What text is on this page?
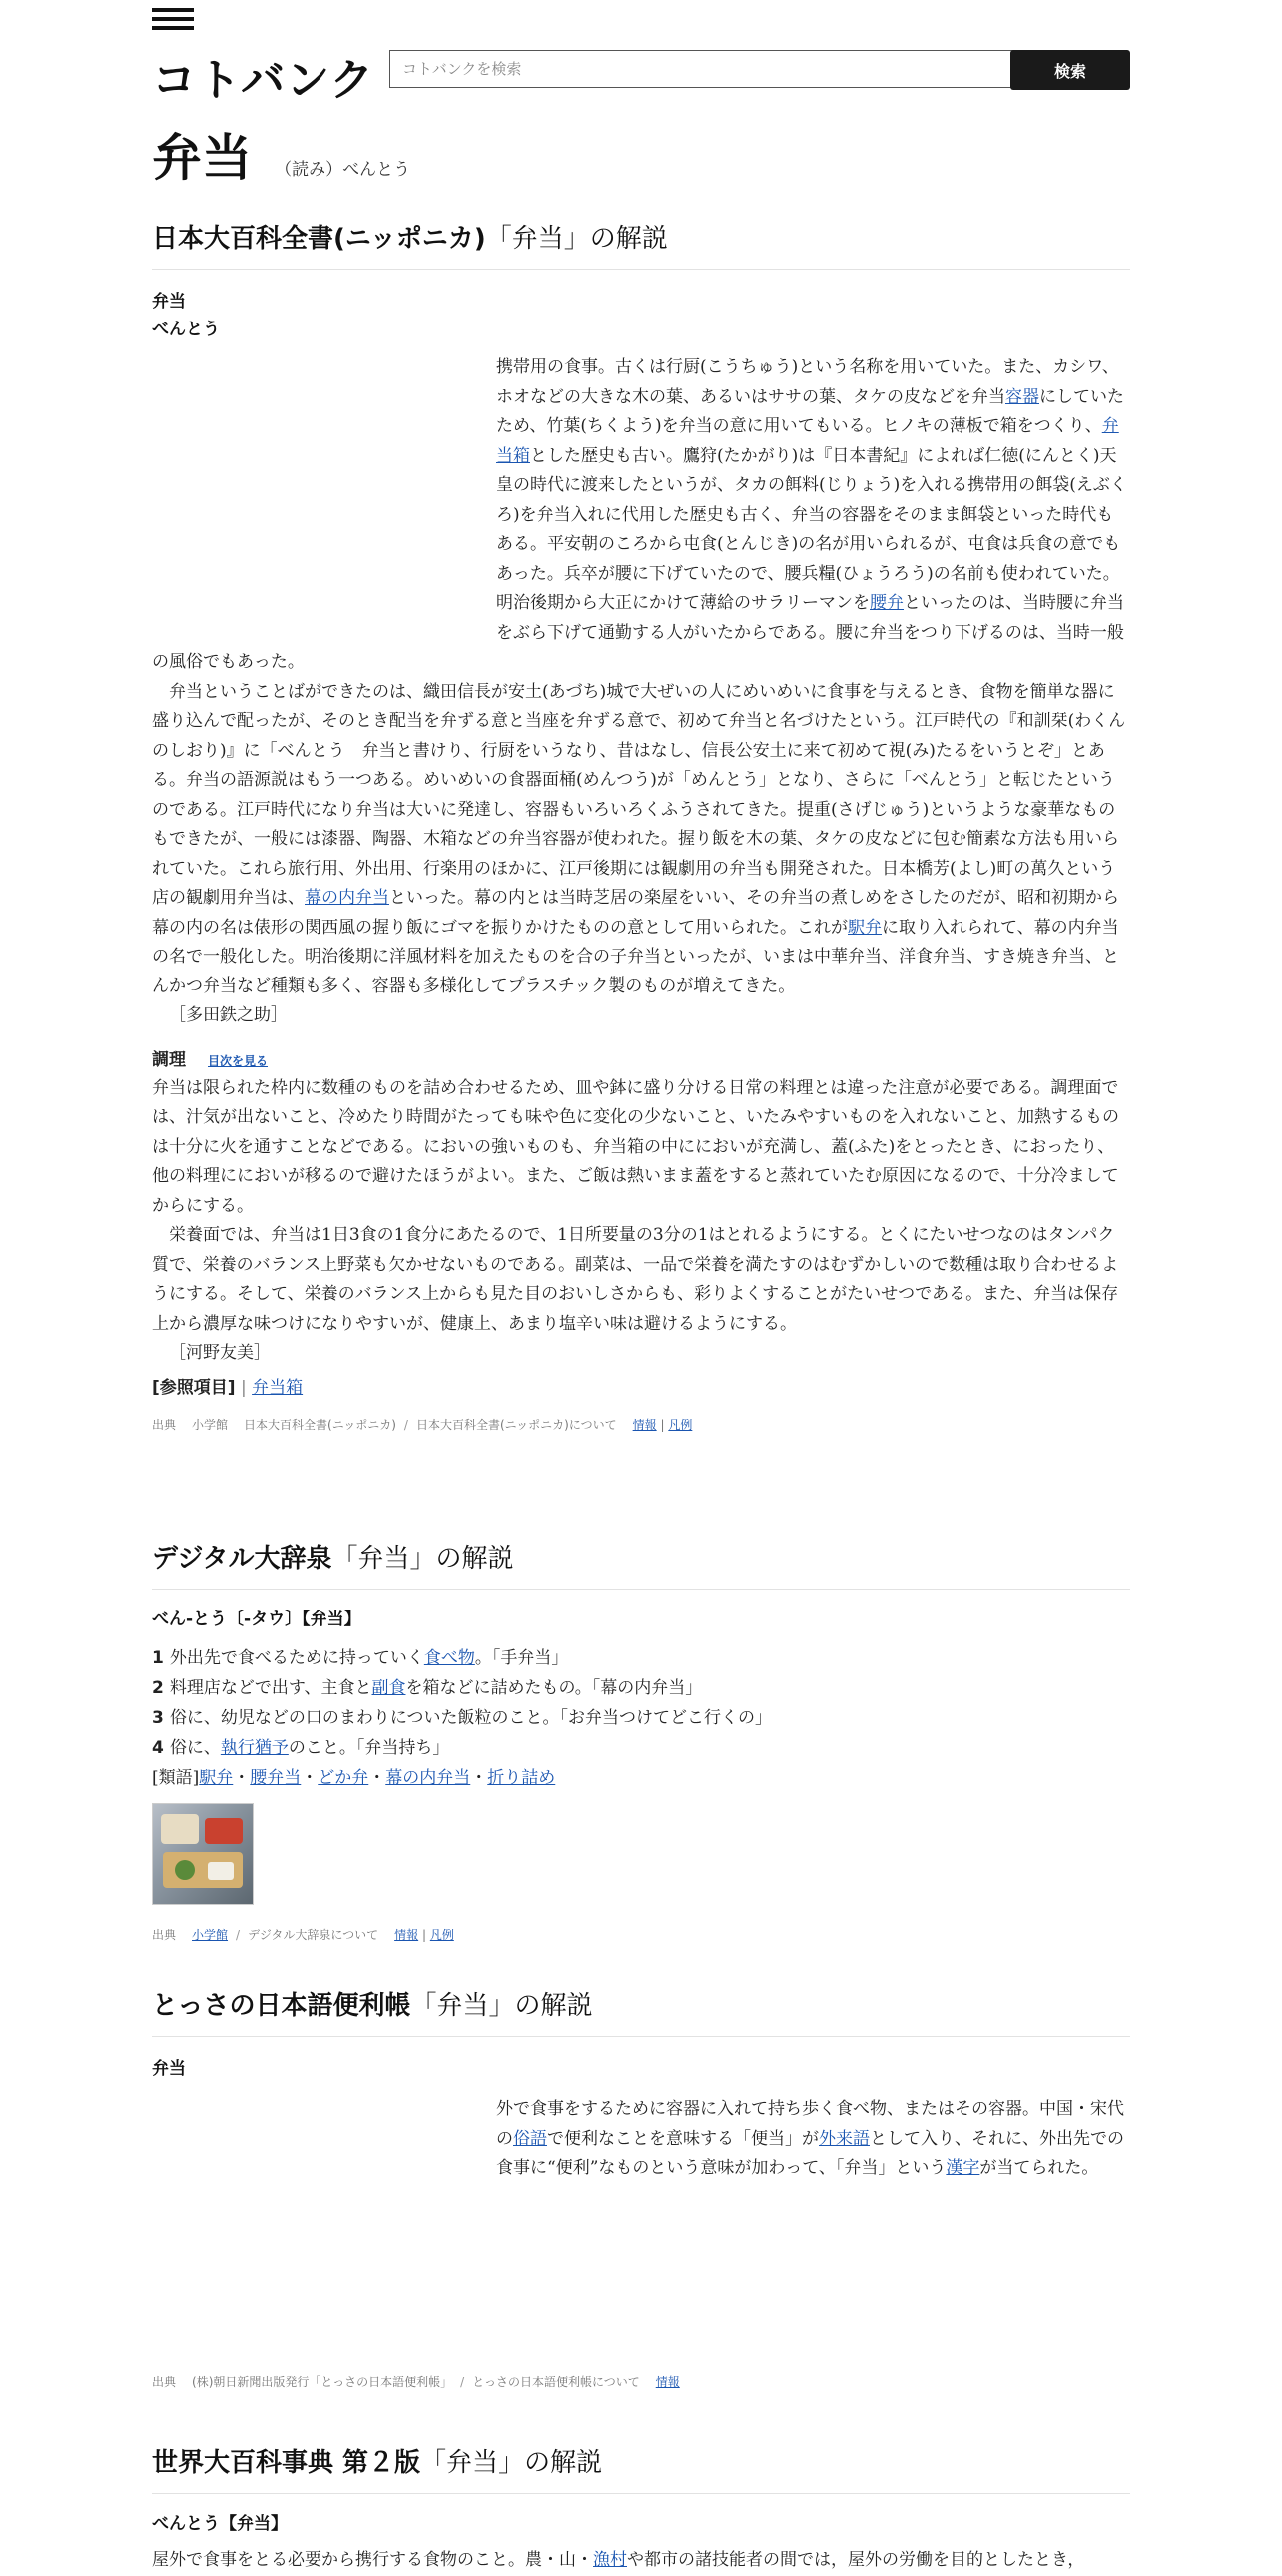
コトバンク
コトバンクを検索	検索
弁当 （読み）べんとう
日本大百科全書(ニッポニカ)「弁当」の解説
弁当
べんとう

携帯用の食事。古くは行厨(こうちゅう)という名称を用いていた。また、カシワ、ホオなどの大きな木の葉、あるいはササの葉、タケの皮などを弁当容器にしていたため、竹葉(ちくよう)を弁当の意に用いてもいる。ヒノキの薄板で箱をつくり、弁当箱とした歴史も古い。鷹狩(たかがり)は『日本書紀』によれば仁徳(にんとく)天皇の時代に渡来したというが、タカの餌料(じりょう)を入れる携帯用の餌袋(えぶくろ)を弁当入れに代用した歴史も古く、弁当の容器をそのまま餌袋といった時代もある。平安朝のころから屯食(とんじき)の名が用いられるが、屯食は兵食の意でもあった。兵卒が腰に下げていたので、腰兵糧(ひょうろう)の名前も使われていた。明治後期から大正にかけて薄給のサラリーマンを腰弁といったのは、当時腰に弁当をぶら下げて通勤する人がいたからである。腰に弁当をつり下げるのは、当時一般の風俗でもあった。

弁当ということばができたのは、織田信長が安土(あづち)城で大ぜいの人にめいめいに食事を与えるとき、食物を簡単な器に盛り込んで配ったが、そのとき配当を弁ずる意と当座を弁ずる意で、初めて弁当と名づけたという。江戸時代の『和訓栞(わくんのしおり)』に「べんとう　弁当と書けり、行厨をいうなり、昔はなし、信長公安土に来て初めて視(み)たるをいうとぞ」とある。弁当の語源説はもう一つある。めいめいの食器面桶(めんつう)が「めんとう」となり、さらに「べんとう」と転じたというのである。江戸時代になり弁当は大いに発達し、容器もいろいろくふうされてきた。提重(さげじゅう)というような豪華なものもできたが、一般には漆器、陶器、木箱などの弁当容器が使われた。握り飯を木の葉、タケの皮などに包む簡素な方法も用いられていた。これら旅行用、外出用、行楽用のほかに、江戸後期には観劇用の弁当も開発された。日本橋芳(よし)町の萬久という店の観劇用弁当は、幕の内弁当といった。幕の内とは当時芝居の楽屋をいい、その弁当の煮しめをさしたのだが、昭和初期から幕の内の名は俵形の関西風の握り飯にゴマを振りかけたものの意として用いられた。これが駅弁に取り入れられて、幕の内弁当の名で一般化した。明治後期に洋風材料を加えたものを合の子弁当といったが、いまは中華弁当、洋食弁当、すき焼き弁当、とんかつ弁当など種類も多く、容器も多様化してプラスチック製のものが増えてきた。

［多田鉄之助］

調理 目次を見る

弁当は限られた枠内に数種のものを詰め合わせるため、皿や鉢に盛り分ける日常の料理とは違った注意が必要である。調理面では、汁気が出ないこと、冷めたり時間がたっても味や色に変化の少ないこと、いたみやすいものを入れないこと、加熱するものは十分に火を通すことなどである。においの強いものも、弁当箱の中ににおいが充満し、蓋(ふた)をとったとき、におったり、他の料理ににおいが移るので避けたほうがよい。また、ご飯は熱いまま蓋をすると蒸れていたむ原因になるので、十分冷ましてからにする。

栄養面では、弁当は1日3食の1食分にあたるので、1日所要量の3分の1はとれるようにする。とくにたいせつなのはタンパク質で、栄養のバランス上野菜も欠かせないものである。副菜は、一品で栄養を満たすのはむずかしいので数種は取り合わせるようにする。そして、栄養のバランス上からも見た目のおいしさからも、彩りよくすることがたいせつである。また、弁当は保存上から濃厚な味つけになりやすいが、健康上、あまり塩辛い味は避けるようにする。

［河野友美］

[参照項目] | 弁当箱
出典 小学館 日本大百科全書(ニッポニカ) / 日本大百科全書(ニッポニカ)について 情報 | 凡例
デジタル大辞泉「弁当」の解説
べん‐とう〔‐タウ〕【弁当】
1 外出先で食べるために持っていく食べ物。「手弁当」
2 料理店などで出す、主食と副食を箱などに詰めたもの。「幕の内弁当」
3 俗に、幼児などの口のまわりについた飯粒のこと。「お弁当つけてどこ行くの」
4 俗に、執行猶予のこと。「弁当持ち」
[類語]駅弁・腰弁当・どか弁・幕の内弁当・折り詰め
出典 小学館 / デジタル大辞泉について 情報 | 凡例
とっさの日本語便利帳「弁当」の解説
弁当

外で食事をするために容器に入れて持ち歩く食べ物、またはその容器。中国・宋代の俗語で便利なことを意味する「便当」が外来語として入り、それに、外出先での食事に“便利”なものという意味が加わって、「弁当」という漢字が当てられた。

出典 (株)朝日新聞出版発行「とっさの日本語便利帳」 / とっさの日本語便利帳について 情報
世界大百科事典 第２版「弁当」の解説
べんとう【弁当】

屋外で食事をとる必要から携行する食物のこと。農・山・漁村や都市の諸技能者の間では，屋外の労働を目的としたとき，
